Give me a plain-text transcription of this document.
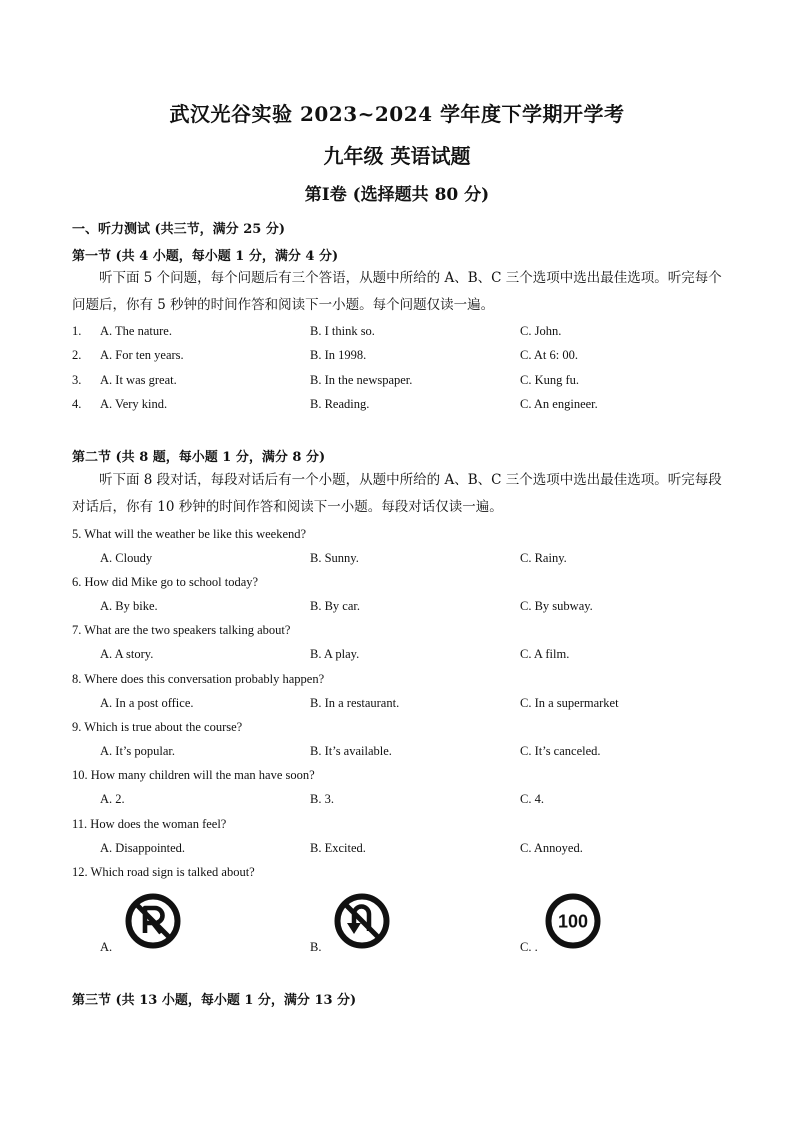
武汉光谷实验 2023~2024 学年度下学期开学考
九年级 英语试题
第Ⅰ卷 (选择题共 80 分)
一、听力测试 (共三节，满分 25 分)
第一节 (共 4 小题，每小题 1 分，满分 4 分)
听下面 5 个问题，每个问题后有三个答语，从题中所给的 A、B、C 三个选项中选出最佳选项。听完每个问题后，你有 5 秒钟的时间作答和阅读下一小题。每个问题仅读一遍。
1. A. The nature.	B. I think so.	C. John.
2. A. For ten years.	B. In 1998.	C. At 6: 00.
3. A. It was great.	B. In the newspaper.	C. Kung fu.
4. A. Very kind.	B. Reading.	C. An engineer.
第二节 (共 8 题，每小题 1 分，满分 8 分)
听下面 8 段对话，每段对话后有一个小题，从题中所给的 A、B、C 三个选项中选出最佳选项。听完每段对话后，你有 10 秒钟的时间作答和阅读下一小题。每段对话仅读一遍。
5. What will the weather be like this weekend?
A. Cloudy	B. Sunny.	C. Rainy.
6. How did Mike go to school today?
A. By bike.	B. By car.	C. By subway.
7. What are the two speakers talking about?
A. A story.	B. A play.	C. A film.
8. Where does this conversation probably happen?
A. In a post office.	B. In a restaurant.	C. In a supermarket
9. Which is true about the course?
A. It’s popular.	B. It’s available.	C. It’s canceled.
10. How many children will the man have soon?
A. 2.	B. 3.	C. 4.
11. How does the woman feel?
A. Disappointed.	B. Excited.	C. Annoyed.
12. Which road sign is talked about?
100
A.	B.	C. .
第三节 (共 13 小题，每小题 1 分，满分 13 分)
